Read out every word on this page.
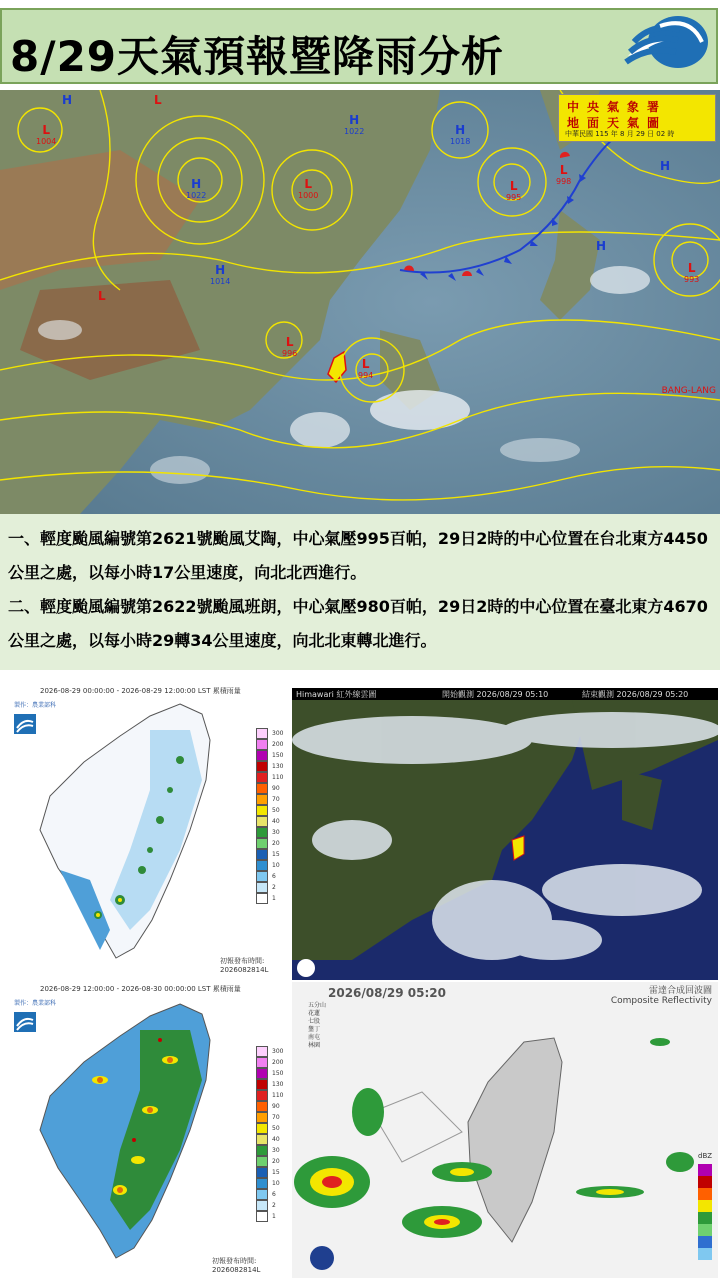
8/29天氣預報暨降雨分析
中央氣象署
地面天氣圖
中華民國 115 年 8 月 29 日 02 時
H	L
H
1022
L
1004
H
1018
H
1022
L
1000
H
1014
L
995
L
996
L
994
L
998
L
993
H
H
L
BANG-LANG
一、輕度颱風編號第2621號颱風艾陶，中心氣壓995百帕，29日2時的中心位置在台北東方4450公里之處，以每小時17公里速度，向北北西進行。
二、輕度颱風編號第2622號颱風班朗，中心氣壓980百帕，29日2時的中心位置在臺北東方4670公里之處，以每小時29轉34公里速度，向北北東轉北進行。
2026-08-29 00:00:00 - 2026-08-29 12:00:00 LST 累積雨量
製作：農業部科
300
200
150
130
110
90
70
50
40
30
20
15
10
6
2
1
初報發布時間:
2026082814L
Himawari 紅外線雲圖	開始觀測 2026/08/29 05:10	結束觀測 2026/08/29 05:20
2026-08-29 12:00:00 - 2026-08-30 00:00:00 LST 累積雨量
製作：農業部科
300
200
150
130
110
90
70
50
40
30
20
15
10
6
2
1
初報發布時間:
2026082814L
2026/08/29 05:20	雷達合成回波圖
Composite Reflectivity
五分山
花蓮
七股
墾丁
南屯
林園
dBZ
